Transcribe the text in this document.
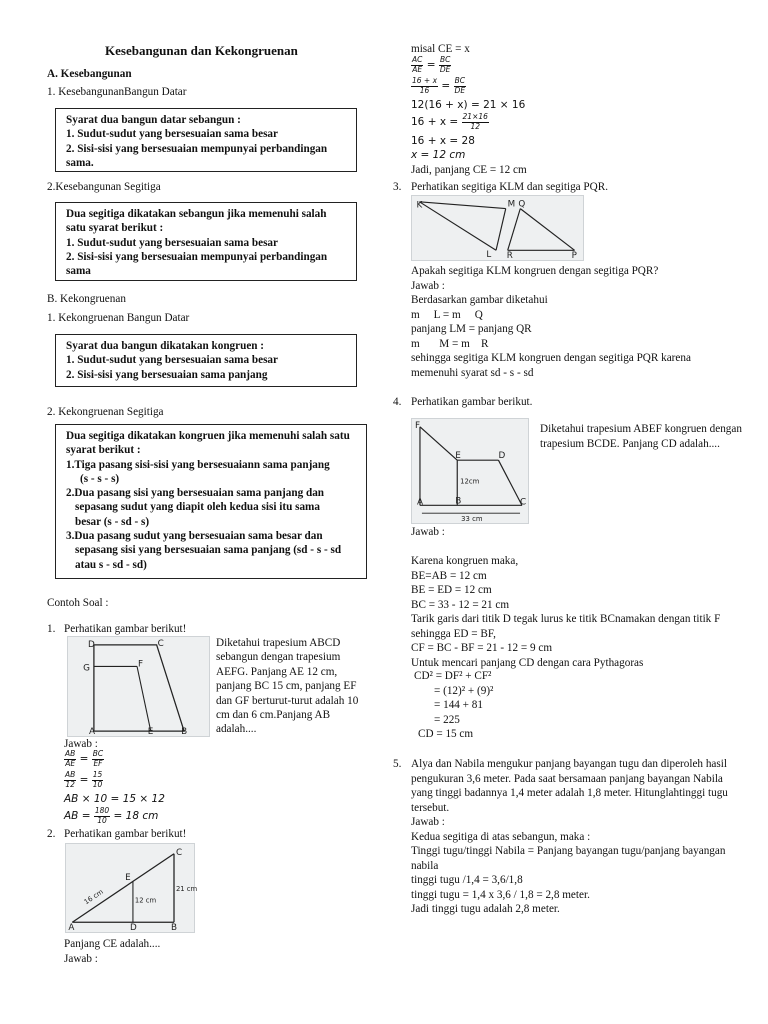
Kesebangunan dan Kekongruenan
A. Kesebangunan
1. KesebangunanBangun Datar
Syarat dua bangun datar sebangun :
1. Sudut-sudut yang bersesuaian sama besar
2. Sisi-sisi yang bersesuaian mempunyai perbandingan sama.
2.Kesebangunan Segitiga
Dua segitiga dikatakan sebangun jika memenuhi salah satu syarat berikut :
1. Sudut-sudut yang bersesuaian sama besar
2. Sisi-sisi yang bersesuaian mempunyai perbandingan sama
B. Kekongruenan
1. Kekongruenan Bangun Datar
Syarat dua bangun dikatakan kongruen :
1. Sudut-sudut yang bersesuaian sama besar
2. Sisi-sisi yang bersesuaian sama panjang
2. Kekongruenan Segitiga
Dua segitiga dikatakan kongruen jika memenuhi salah satu syarat berikut :
1.Tiga pasang sisi-sisi yang bersesuaiann sama panjang
(s - s - s)
2.Dua pasang sisi yang bersesuaian sama panjang dan
sepasang sudut yang diapit oleh kedua sisi itu sama
besar (s - sd - s)
3.Dua pasang sudut yang bersesuaian sama besar dan
sepasang sisi yang bersesuaian sama panjang (sd - s - sd
atau s - sd - sd)
Contoh Soal :
1. Perhatikan gambar berikut!
D	C
G	F
A	E	B
Diketahui trapesium ABCD sebangun dengan trapesium AEFG. Panjang AE 12 cm, panjang BC 15 cm, panjang EF dan GF berturut-turut adalah 10 cm dan 6 cm.Panjang AB adalah....
Jawab :
$\frac{AB}{AE} = \frac{BC}{EF}$
$\frac{AB}{12} = \frac{15}{10}$
AB × 10 = 15 × 12
AB = $\frac{180}{10} = 18$ cm
2. Perhatikan gambar berikut!
C
E
A	D	B
16 cm	12 cm
21 cm
Panjang CE adalah....
Jawab :
misal CE = x
$\frac{AC}{AE} = \frac{BC}{DE}$
$\frac{16 + x}{16} = \frac{BC}{DE}$
12(16 + x) = 21 × 16
$16 + x = \frac{21\times 16}{12}$
16 + x = 28
x = 12 cm
Jadi, panjang CE = 12 cm
3. Perhatikan segitiga KLM dan segitiga PQR.
K	M Q
L R	P
Apakah segitiga KLM kongruen dengan segitiga PQR?
Jawab :
Berdasarkan gambar diketahui
m     L = m     Q
panjang LM = panjang QR
m       M = m    R
sehingga segitiga KLM kongruen dengan segitiga PQR karena memenuhi syarat sd - s - sd
4. Perhatikan gambar berikut.
F
E	D
A	B	C
12cm
33 cm
Diketahui trapesium ABEF kongruen dengan trapesium BCDE. Panjang CD adalah....
Jawab :
Karena kongruen maka,
BE=AB = 12 cm
BE = ED = 12 cm
BC = 33 - 12 = 21 cm
Tarik garis dari titik D tegak lurus ke titik BCnamakan dengan titik F sehingga ED = BF,
CF = BC - BF = 21 - 12 = 9 cm
Untuk mencari panjang CD dengan cara Pythagoras
CD² = DF² + CF²
= (12)² + (9)²
= 144 + 81
= 225
CD = 15 cm
5. Alya dan Nabila mengukur panjang bayangan tugu dan diperoleh hasil pengukuran 3,6 meter. Pada saat bersamaan panjang bayangan Nabila yang tinggi badannya 1,4 meter adalah 1,8 meter. Hitunglahtinggi tugu tersebut.
Jawab :
Kedua segitiga di atas sebangun, maka :
Tinggi tugu/tinggi Nabila = Panjang bayangan tugu/panjang bayangan nabila
tinggi tugu /1,4 = 3,6/1,8
tinggi tugu = 1,4 x 3,6 / 1,8 = 2,8 meter.
Jadi tinggi tugu adalah 2,8 meter.
